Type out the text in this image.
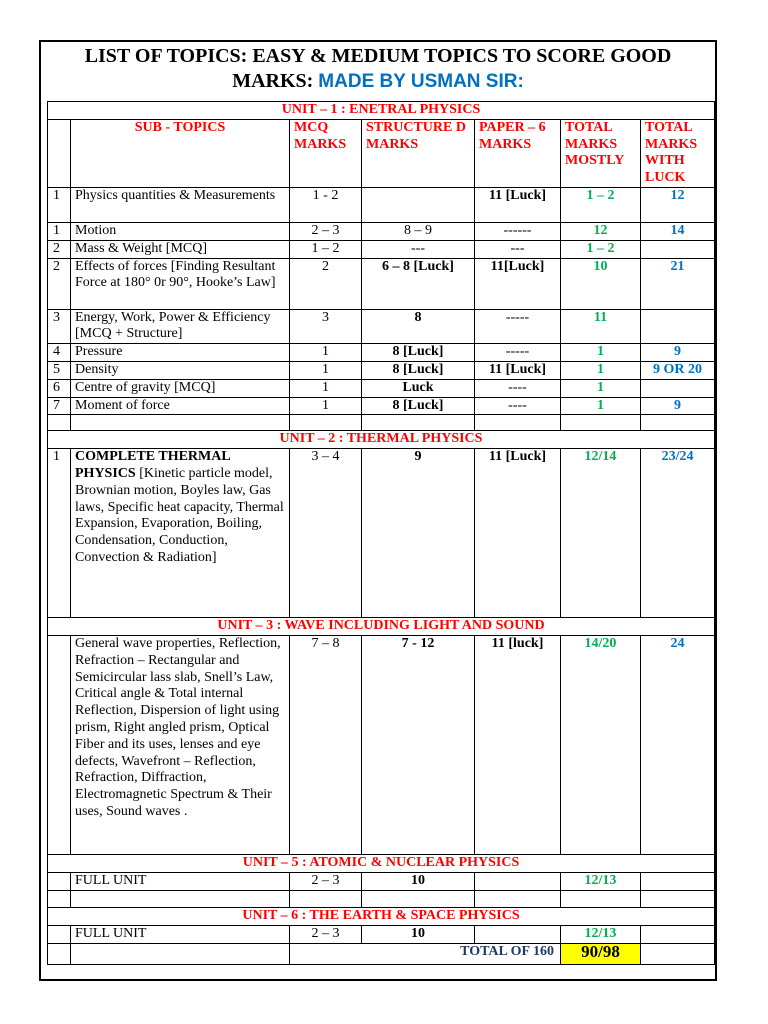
LIST OF TOPICS: EASY & MEDIUM TOPICS TO SCORE GOOD
MARKS: MADE BY USMAN SIR:
UNIT – 1 : ENETRAL PHYSICS						
	SUB - TOPICS	MCQ MARKS	STRUCTURE D MARKS	PAPER – 6 MARKS	TOTAL MARKS MOSTLY	TOTAL MARKS WITH LUCK
1	Physics quantities & Measurements	1 - 2		11 [Luck]	1 – 2	12
1	Motion	2 – 3	8 – 9	------	12	14
2	Mass & Weight [MCQ]	1 – 2	---	---	1 – 2	
2	Effects of forces [Finding Resultant Force at 180° 0r 90°, Hooke’s Law]	2	6 – 8 [Luck]	11[Luck]	10	21
3	Energy, Work, Power & Efficiency [MCQ + Structure]	3	8	-----	11	
4	Pressure	1	8 [Luck]	-----	1	9
5	Density	1	8 [Luck]	11 [Luck]	1	9 OR 20
6	Centre of gravity [MCQ]	1	Luck	----	1	
7	Moment of force	1	8 [Luck]	----	1	9

UNIT – 2 : THERMAL PHYSICS						
1	COMPLETE THERMAL PHYSICS [Kinetic particle model, Brownian motion, Boyles law, Gas laws, Specific heat capacity, Thermal Expansion, Evaporation, Boiling, Condensation, Conduction, Convection & Radiation]	3 – 4	9	11 [Luck]	12/14	23/24
UNIT – 3 : WAVE INCLUDING LIGHT AND SOUND						
	General wave properties, Reflection, Refraction – Rectangular and Semicircular lass slab, Snell’s Law, Critical angle & Total internal Reflection, Dispersion of light using prism, Right angled prism, Optical Fiber and its uses, lenses and eye defects, Wavefront – Reflection, Refraction, Diffraction, Electromagnetic Spectrum & Their uses, Sound waves .	7 – 8	7 - 12	11 [luck]	14/20	24
UNIT – 5 : ATOMIC & NUCLEAR PHYSICS						
	FULL UNIT	2 – 3	10		12/13	

UNIT – 6 : THE EARTH & SPACE PHYSICS						
	FULL UNIT	2 – 3	10		12/13	
		TOTAL OF 160			90/98	
